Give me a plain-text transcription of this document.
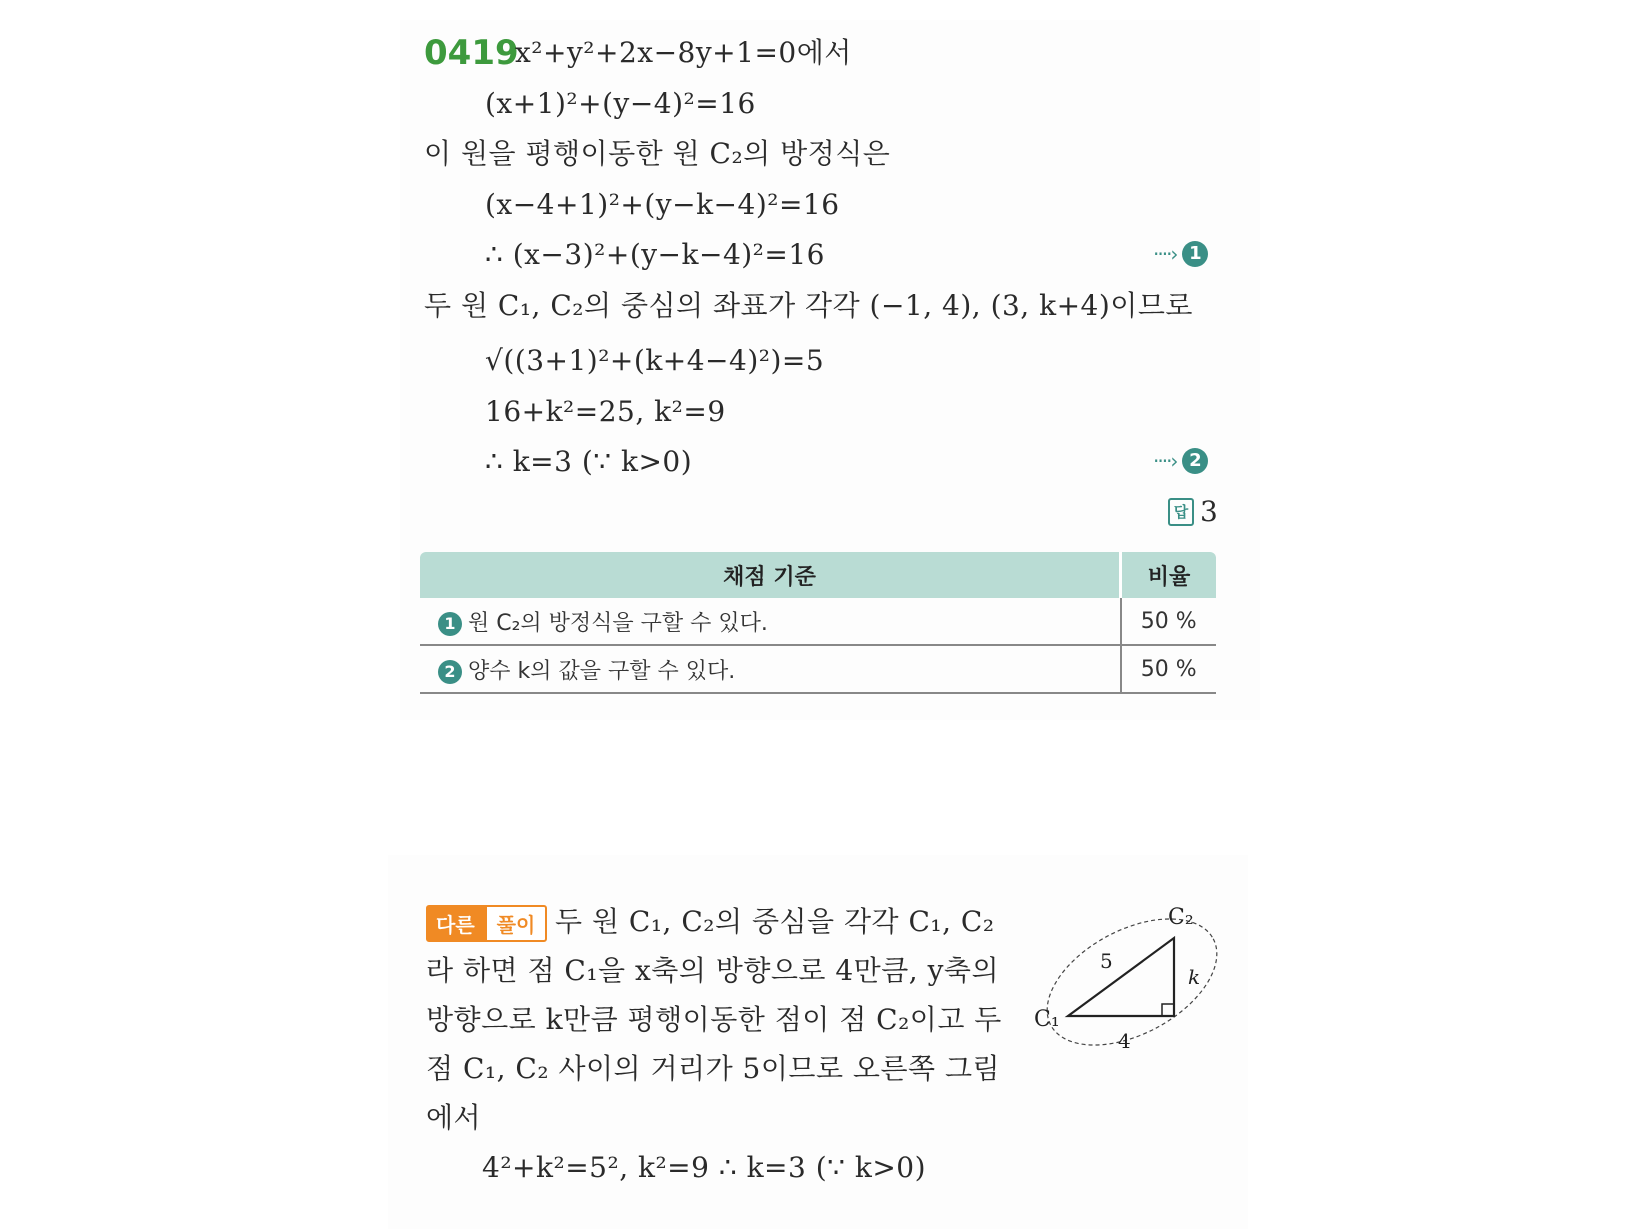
0419
x²+y²+2x−8y+1=0에서
(x+1)²+(y−4)²=16
이 원을 평행이동한 원 C₂의 방정식은
(x−4+1)²+(y−k−4)²=16
∴ (x−3)²+(y−k−4)²=16	····› 1
두 원 C₁, C₂의 중심의 좌표가 각각 (−1, 4), (3, k+4)이므로
√((3+1)²+(k+4−4)²)=5
16+k²=25, k²=9
∴ k=3 (∵ k>0)	····› 2
답 3
채점 기준	비율
1 원 C₂의 방정식을 구할 수 있다.	50 %
2 양수 k의 값을 구할 수 있다.	50 %
다른	풀이 두 원 C₁, C₂의 중심을 각각 C₁, C₂
라 하면 점 C₁을 x축의 방향으로 4만큼, y축의
방향으로 k만큼 평행이동한 점이 점 C₂이고 두
점 C₁, C₂ 사이의 거리가 5이므로 오른쪽 그림
에서
4²+k²=5², k²=9 ∴ k=3 (∵ k>0)
C₁
C₂
5
4
k
